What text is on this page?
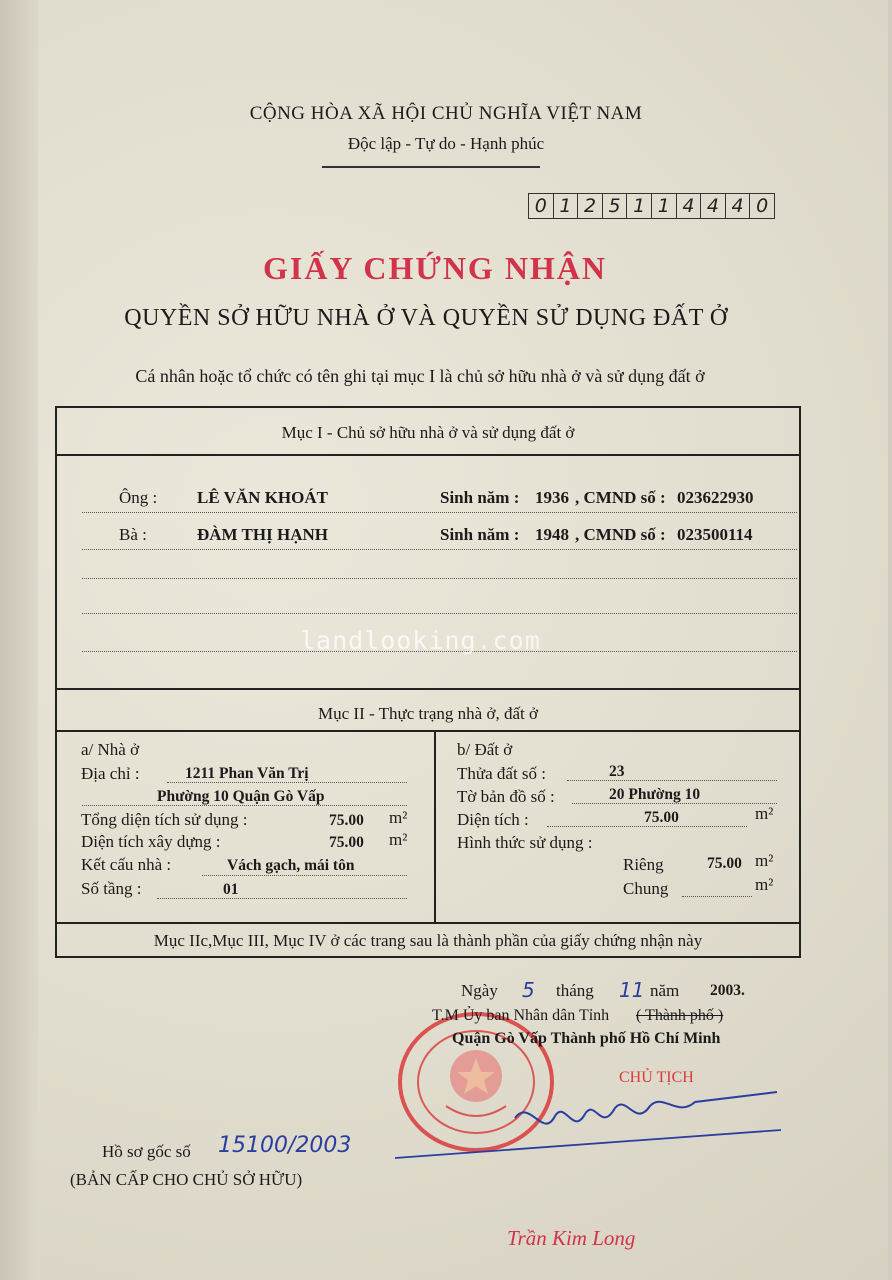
CỘNG HÒA XÃ HỘI CHỦ NGHĨA VIỆT NAM
Độc lập - Tự do - Hạnh phúc
0 1 2 5 1 1 4 4 4 0
GIẤY CHỨNG NHẬN
QUYỀN SỞ HỮU NHÀ Ở VÀ QUYỀN SỬ DỤNG ĐẤT Ở
Cá nhân hoặc tổ chức có tên ghi tại mục I là chủ sở hữu nhà ở và sử dụng đất ở
Mục I - Chủ sở hữu nhà ở và sử dụng đất ở
Ông : LÊ VĂN KHOÁT	Sinh năm : 1936 , CMND số : 023622930
Bà :	ĐÀM THỊ HẠNH	Sinh năm : 1948 , CMND số : 023500114
Mục II - Thực trạng nhà ở, đất ở
a/ Nhà ở
Địa chỉ :	1211 Phan Văn Trị
Phường 10 Quận Gò Vấp
Tổng diện tích sử dụng :	75.00 m²
Diện tích xây dựng :	75.00 m²
Kết cấu nhà :	Vách gạch, mái tôn
Số tầng :	01
b/ Đất ở
Thửa đất số :	23
Tờ bản đồ số :	20 Phường 10
Diện tích :	75.00	m²
Hình thức sử dụng :
Riêng	75.00 m²
Chung	m²
Mục IIc,Mục III, Mục IV ở các trang sau là thành phần của giấy chứng nhận này
landlooking.com
Ngày 5 tháng 11 năm 2003.
T.M Ủy ban Nhân dân Tỉnh ( Thành phố )
Quận Gò Vấp Thành phố Hồ Chí Minh
CHỦ TỊCH
Trần Kim Long
Hồ sơ gốc số 15100/2003
(BẢN CẤP CHO CHỦ SỞ HỮU)
